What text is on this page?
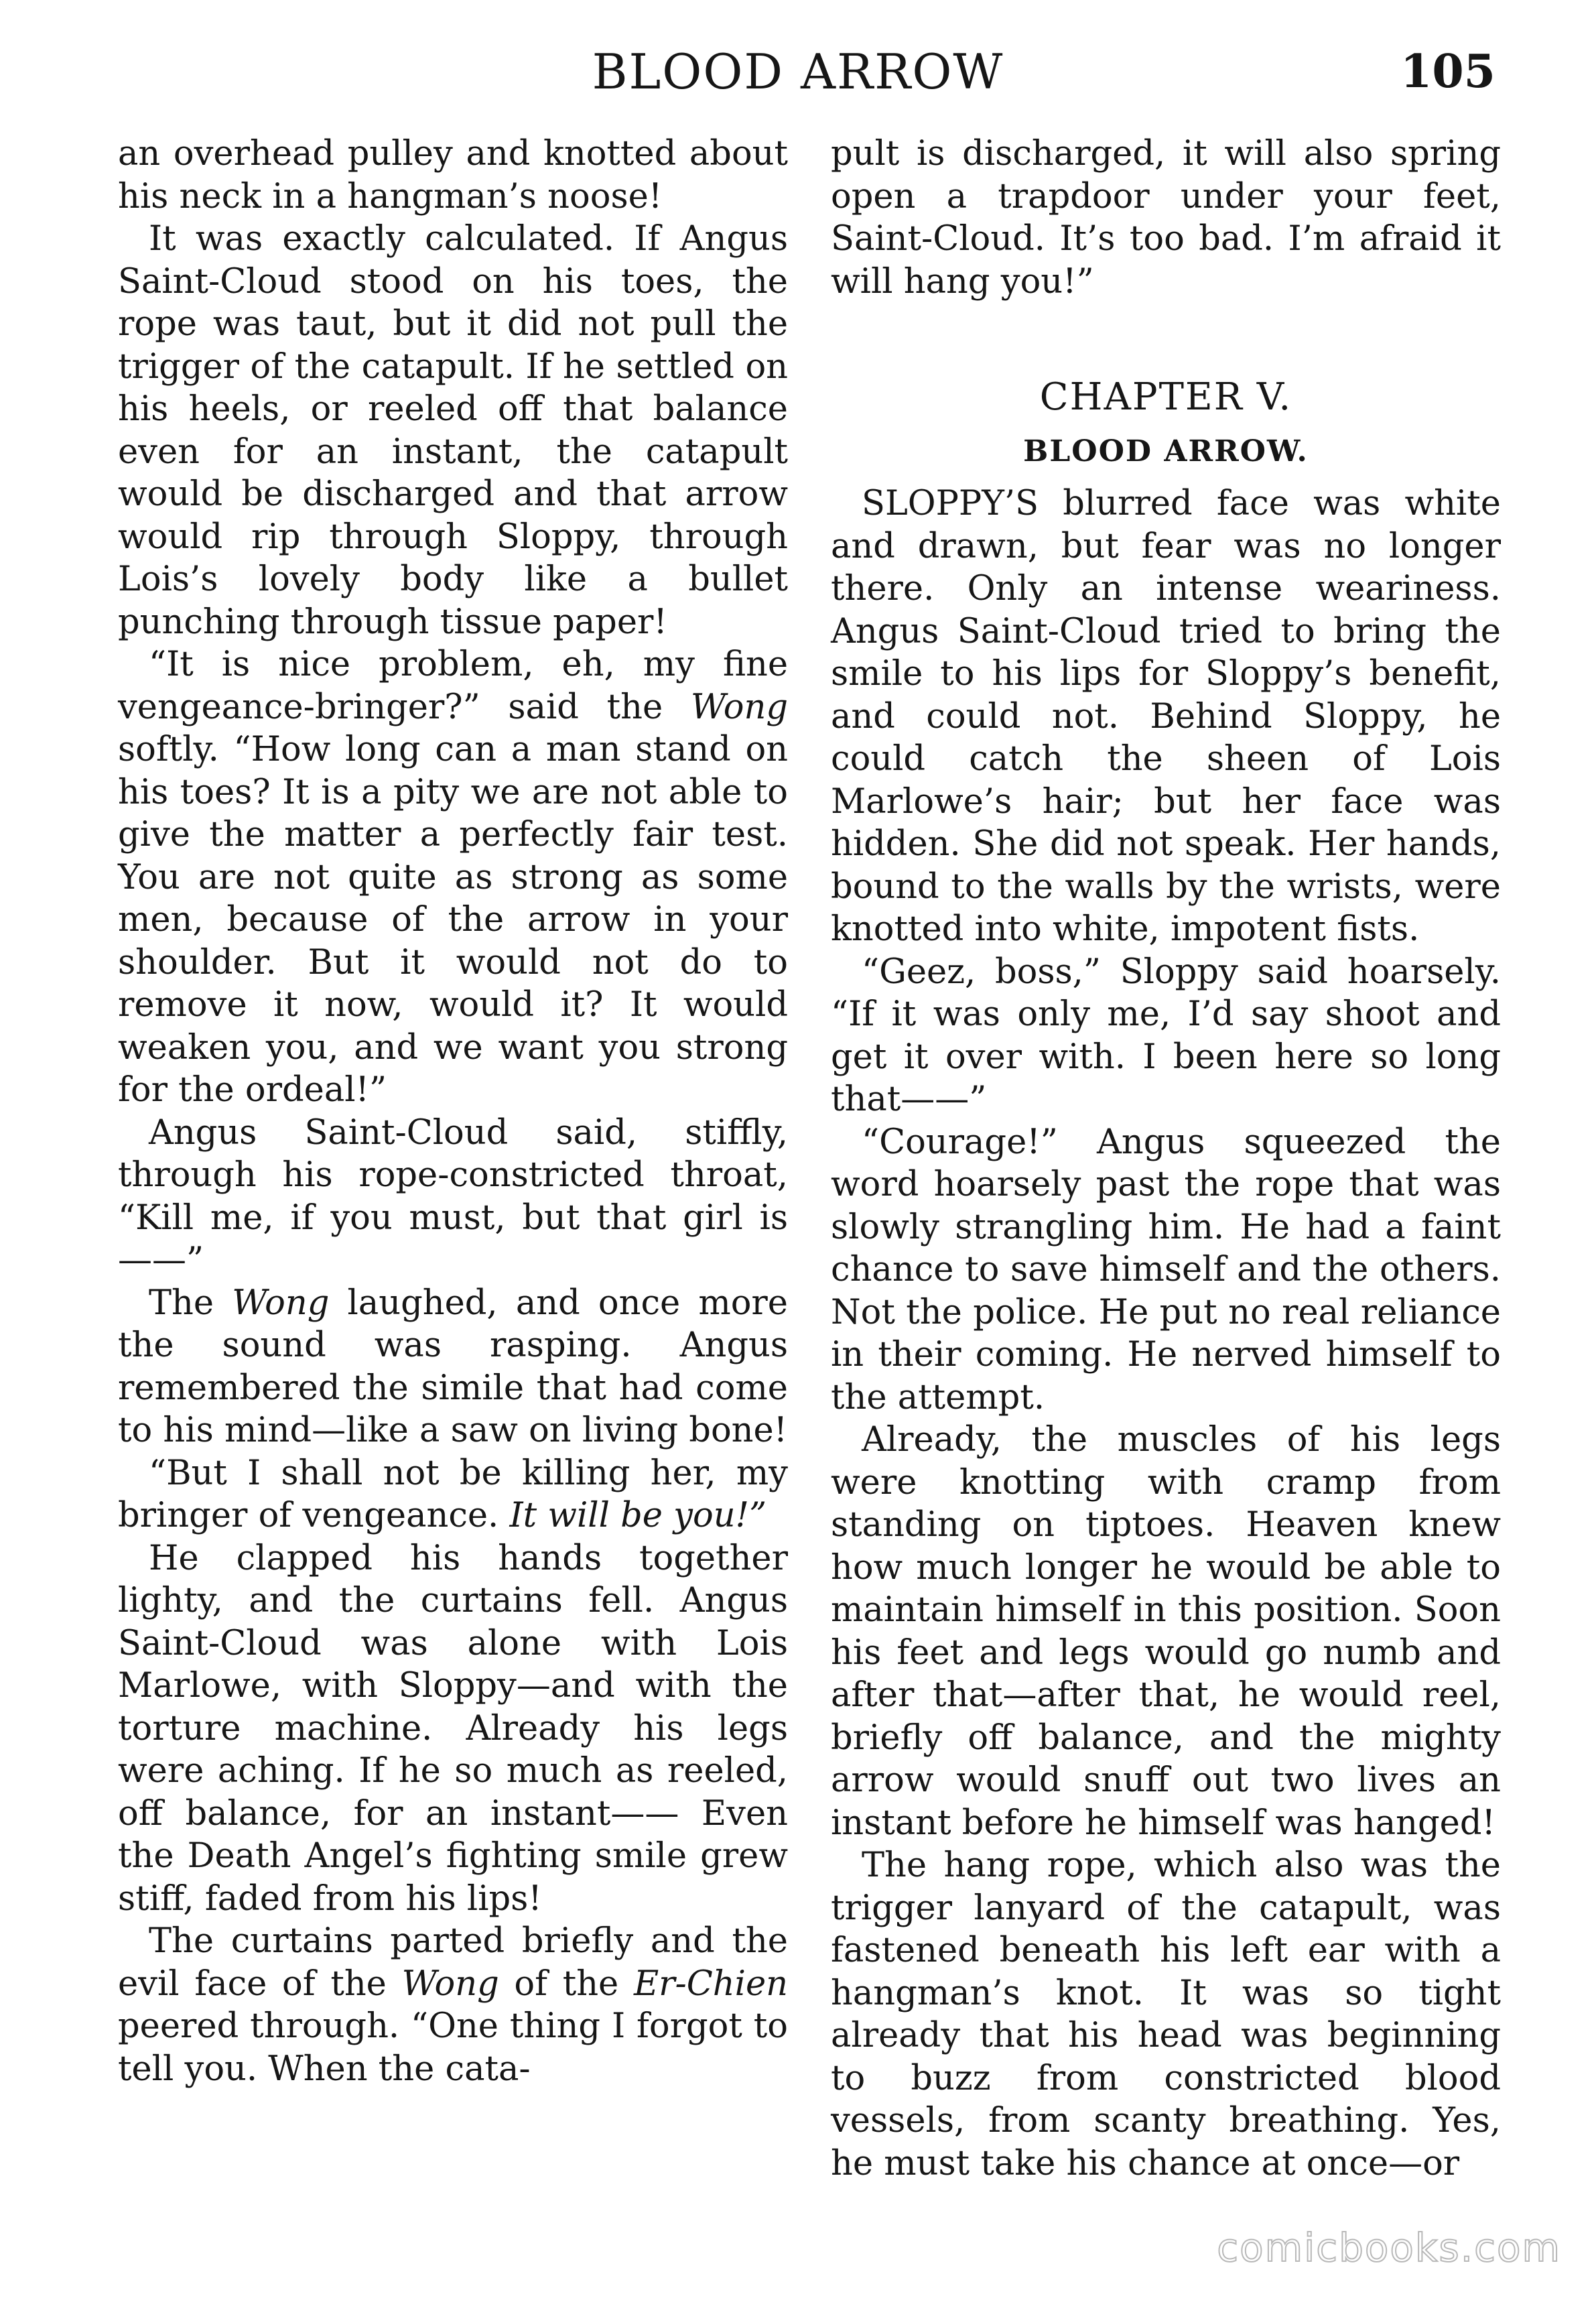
BLOOD ARROW	105

an overhead pulley and knotted about his neck in a hangman’s noose!

It was exactly calculated. If Angus Saint-Cloud stood on his toes, the rope was taut, but it did not pull the trigger of the catapult. If he settled on his heels, or reeled off that balance even for an instant, the catapult would be discharged and that arrow would rip through Sloppy, through Lois’s lovely body like a bullet punching through tissue paper!

“It is nice problem, eh, my fine vengeance-bringer?” said the Wong softly. “How long can a man stand on his toes? It is a pity we are not able to give the matter a perfectly fair test. You are not quite as strong as some men, because of the arrow in your shoulder. But it would not do to remove it now, would it? It would weaken you, and we want you strong for the ordeal!”

Angus Saint-Cloud said, stiffly, through his rope-constricted throat, “Kill me, if you must, but that girl is——”

The Wong laughed, and once more the sound was rasping. Angus remembered the simile that had come to his mind—like a saw on living bone!

“But I shall not be killing her, my bringer of vengeance. It will be you!”

He clapped his hands together lighty, and the curtains fell. Angus Saint-Cloud was alone with Lois Marlowe, with Sloppy—and with the torture machine. Already his legs were aching. If he so much as reeled, off balance, for an instant—— Even the Death Angel’s fighting smile grew stiff, faded from his lips!

The curtains parted briefly and the evil face of the Wong of the Er-Chien peered through. “One thing I forgot to tell you. When the cata-

pult is discharged, it will also spring open a trapdoor under your feet, Saint-Cloud. It’s too bad. I’m afraid it will hang you!”

CHAPTER V.
BLOOD ARROW.

SLOPPY’S blurred face was white and drawn, but fear was no longer there. Only an intense weariness. Angus Saint-Cloud tried to bring the smile to his lips for Sloppy’s benefit, and could not. Behind Sloppy, he could catch the sheen of Lois Marlowe’s hair; but her face was hidden. She did not speak. Her hands, bound to the walls by the wrists, were knotted into white, impotent fists.

“Geez, boss,” Sloppy said hoarsely. “If it was only me, I’d say shoot and get it over with. I been here so long that——”

“Courage!” Angus squeezed the word hoarsely past the rope that was slowly strangling him. He had a faint chance to save himself and the others. Not the police. He put no real reliance in their coming. He nerved himself to the attempt.

Already, the muscles of his legs were knotting with cramp from standing on tiptoes. Heaven knew how much longer he would be able to maintain himself in this position. Soon his feet and legs would go numb and after that—after that, he would reel, briefly off balance, and the mighty arrow would snuff out two lives an instant before he himself was hanged!

The hang rope, which also was the trigger lanyard of the catapult, was fastened beneath his left ear with a hangman’s knot. It was so tight already that his head was beginning to buzz from constricted blood vessels, from scanty breathing. Yes, he must take his chance at once—or

comicbooks.com
